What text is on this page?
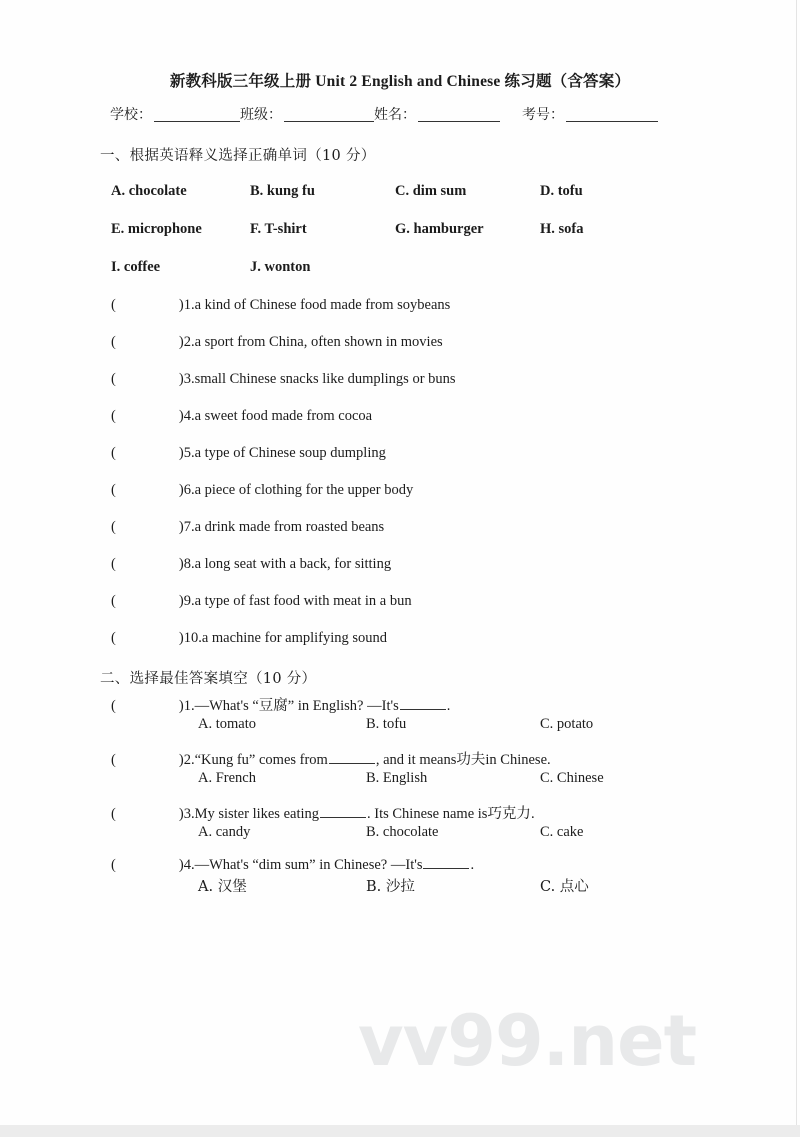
vv99.net
新教科版三年级上册 Unit 2 English and Chinese 练习题（含答案）
学校：	班级：	姓名：	考号：
一、根据英语释义选择正确单词（10 分）
A. chocolate	B. kung fu	C. dim sum	D. tofu
E. microphone	F. T-shirt	G. hamburger	H. sofa
I. coffee	J. wonton
(	) 1. a kind of Chinese food made from soybeans
(	) 2. a sport from China, often shown in movies
(	) 3. small Chinese snacks like dumplings or buns
(	) 4. a sweet food made from cocoa
(	) 5. a type of Chinese soup dumpling
(	) 6. a piece of clothing for the upper body
(	) 7. a drink made from roasted beans
(	) 8. a long seat with a back, for sitting
(	) 9. a type of fast food with meat in a bun
(	) 10. a machine for amplifying sound
二、选择最佳答案填空（10 分）
(	) 1. —What's “ 豆腐 ” in English? —It's	.
A. tomato	B. tofu	C. potato
(	) 2. “Kung fu” comes from	, and it means 功夫 in Chinese.
A. French	B. English	C. Chinese
(	) 3. My sister likes eating	. Its Chinese name is 巧克力 .
A. candy	B. chocolate	C. cake
(	) 4. —What's “dim sum” in Chinese? —It's	.
A. 汉堡	B. 沙拉	C. 点心
